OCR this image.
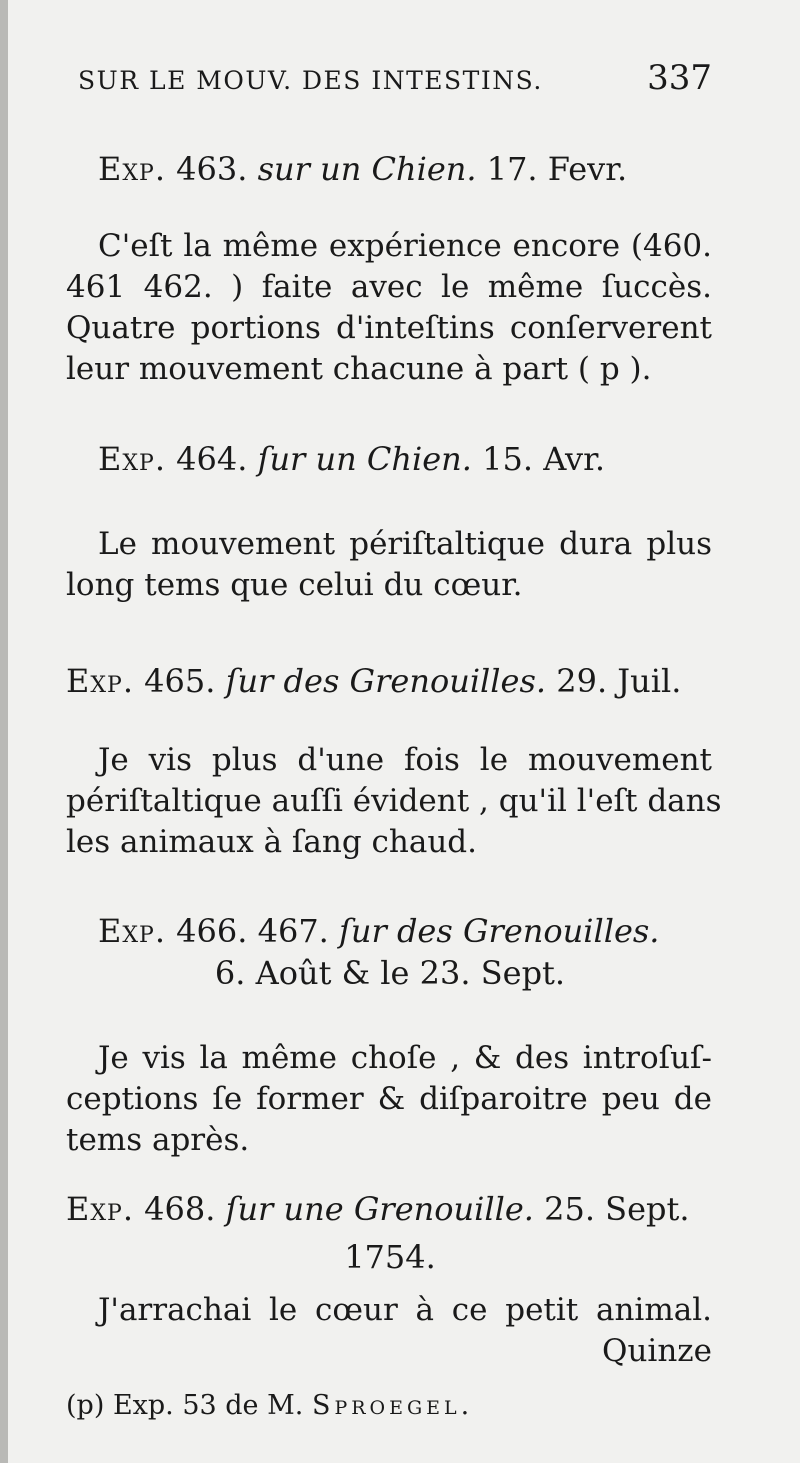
SUR LE MOUV. DES INTESTINS.	337
Exp. 463. sur un Chien. 17. Fevr.
C'eſt la même expérience encore (460.
461 462. ) faite avec le même ſuccès.
Quatre portions d'inteſtins conſerverent
leur mouvement chacune à part ( p ).
Exp. 464. ſur un Chien. 15. Avr.
Le mouvement périſtaltique dura plus
long tems que celui du cœur.
Exp. 465. ſur des Grenouilles. 29. Juil.
Je vis plus d'une fois le mouvement
périſtaltique auſſi évident , qu'il l'eſt dans
les animaux à ſang chaud.
Exp. 466. 467. ſur des Grenouilles.
6. Août & le 23. Sept.
Je vis la même choſe , & des introſuſ-
ceptions ſe former & diſparoitre peu de
tems après.
Exp. 468. ſur une Grenouille. 25. Sept.
1754.
J'arrachai le cœur à ce petit animal.
Quinze
(p) Exp. 53 de M. Sproegel.
